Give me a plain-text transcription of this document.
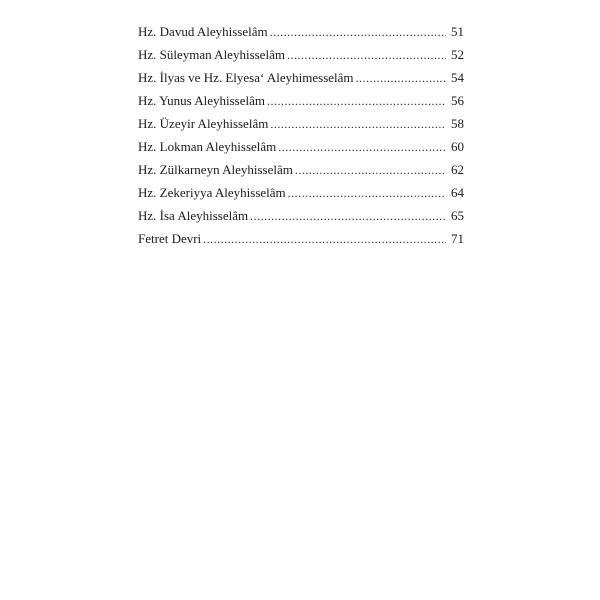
Hz. Davud Aleyhisselâm .....	51
Hz. Süleyman Aleyhisselâm .....	52
Hz. İlyas ve Hz. Elyesa‘ Aleyhimesselâm .....	54
Hz. Yunus Aleyhisselâm .....	56
Hz. Üzeyir Aleyhisselâm .....	58
Hz. Lokman Aleyhisselâm .....	60
Hz. Zülkarneyn Aleyhisselâm .....	62
Hz. Zekeriyya Aleyhisselâm .....	64
Hz. İsa Aleyhisselâm .....	65
Fetret Devri .....	71
